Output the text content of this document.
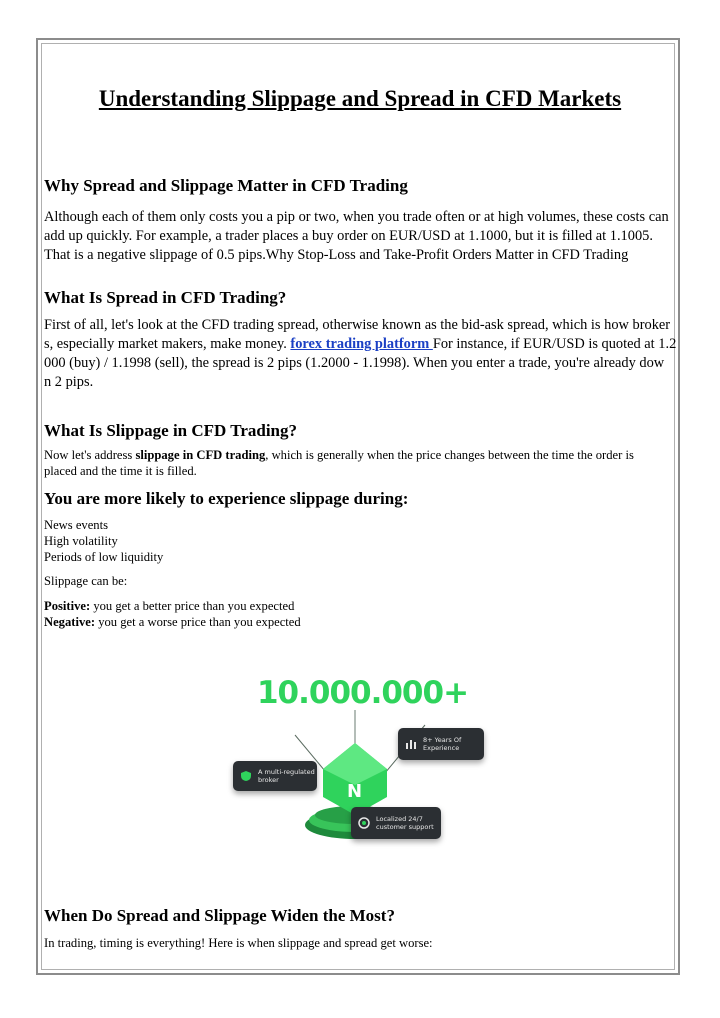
Understanding Slippage and Spread in CFD Markets
Why Spread and Slippage Matter in CFD Trading

Although each of them only costs you a pip or two, when you trade often or at high volumes, these costs can
add up quickly. For example, a trader places a buy order on EUR/USD at 1.1000, but it is filled at 1.1005.
That is a negative slippage of 0.5 pips.Why Stop-Loss and Take-Profit Orders Matter in CFD Trading

What Is Spread in CFD Trading?

First of all, let's look at the CFD trading spread, otherwise known as the bid-ask spread, which is how broker
s, especially market makers, make money. forex trading platform For instance, if EUR/USD is quoted at 1.2
000 (buy) / 1.1998 (sell), the spread is 2 pips (1.2000 - 1.1998). When you enter a trade, you're already dow
n 2 pips.

What Is Slippage in CFD Trading?

Now let's address slippage in CFD trading, which is generally when the price changes between the time the order is
placed and the time it is filled.

You are more likely to experience slippage during:

News events
High volatility
Periods of low liquidity

Slippage can be:

Positive: you get a better price than you expected
Negative: you get a worse price than you expected

10.000.000+
N
8+ Years Of
Experience
A multi-regulated
broker
Localized 24/7
customer support
When Do Spread and Slippage Widen the Most?

In trading, timing is everything! Here is when slippage and spread get worse:
